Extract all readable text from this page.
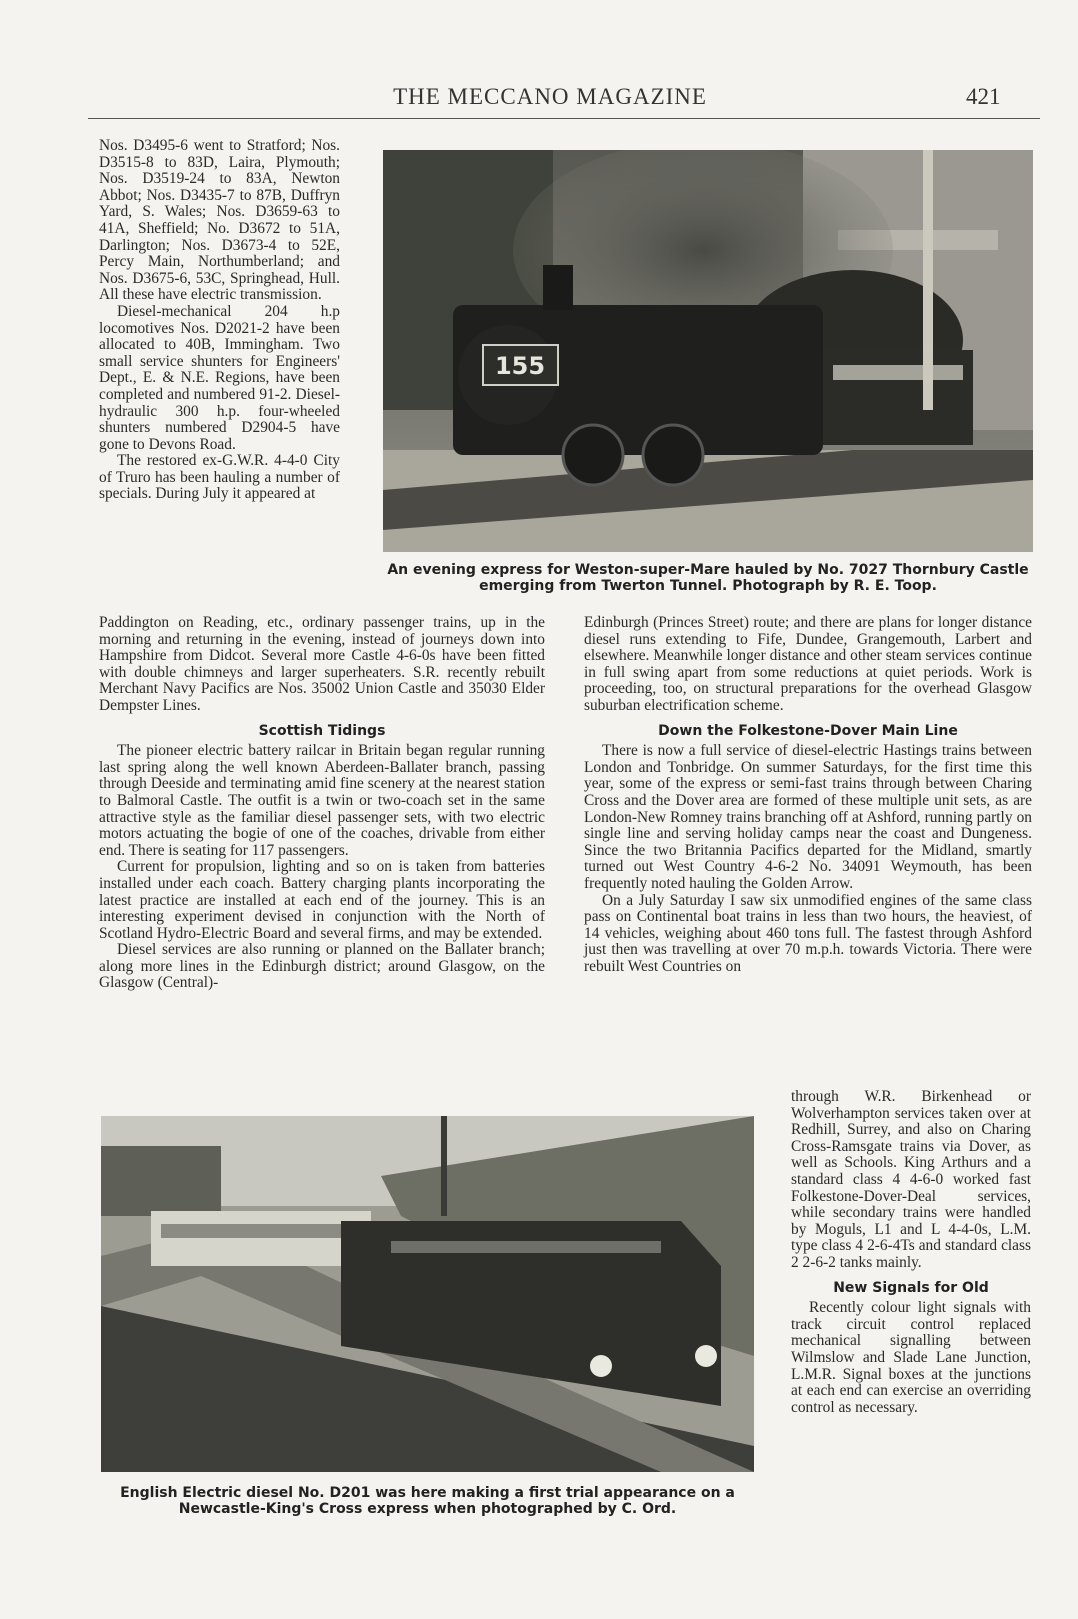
THE MECCANO MAGAZINE	421

Nos. D3495-6 went to Stratford; Nos. D3515-8 to 83D, Laira, Plymouth; Nos. D3519-24 to 83A, Newton Abbot; Nos. D3435-7 to 87B, Duffryn Yard, S. Wales; Nos. D3659-63 to 41A, Sheffield; No. D3672 to 51A, Darlington; Nos. D3673-4 to 52E, Percy Main, Northumberland; and Nos. D3675-6, 53C, Springhead, Hull. All these have electric transmission.

Diesel-mechanical 204 h.p locomotives Nos. D2021-2 have been allocated to 40B, Immingham. Two small service shunters for Engineers' Dept., E. & N.E. Regions, have been completed and numbered 91-2. Diesel-hydraulic 300 h.p. four-wheeled shunters numbered D2904-5 have gone to Devons Road.

The restored ex-G.W.R. 4-4-0 City of Truro has been hauling a number of specials. During July it appeared at

155
An evening express for Weston-super-Mare hauled by No. 7027 Thornbury Castle emerging from Twerton Tunnel. Photograph by R. E. Toop.

Paddington on Reading, etc., ordinary passenger trains, up in the morning and returning in the evening, instead of journeys down into Hampshire from Didcot. Several more Castle 4-6-0s have been fitted with double chimneys and larger superheaters. S.R. recently rebuilt Merchant Navy Pacifics are Nos. 35002 Union Castle and 35030 Elder Dempster Lines.

Scottish Tidings

The pioneer electric battery railcar in Britain began regular running last spring along the well known Aberdeen-Ballater branch, passing through Deeside and terminating amid fine scenery at the nearest station to Balmoral Castle. The outfit is a twin or two-coach set in the same attractive style as the familiar diesel passenger sets, with two electric motors actuating the bogie of one of the coaches, drivable from either end. There is seating for 117 passengers.

Current for propulsion, lighting and so on is taken from batteries installed under each coach. Battery charging plants incorporating the latest practice are installed at each end of the journey. This is an interesting experiment devised in conjunction with the North of Scotland Hydro-Electric Board and several firms, and may be extended.

Diesel services are also running or planned on the Ballater branch; along more lines in the Edinburgh district; around Glasgow, on the Glasgow (Central)-

Edinburgh (Princes Street) route; and there are plans for longer distance diesel runs extending to Fife, Dundee, Grangemouth, Larbert and elsewhere. Meanwhile longer distance and other steam services continue in full swing apart from some reductions at quiet periods. Work is proceeding, too, on structural preparations for the overhead Glasgow suburban electrification scheme.

Down the Folkestone-Dover Main Line

There is now a full service of diesel-electric Hastings trains between London and Tonbridge. On summer Saturdays, for the first time this year, some of the express or semi-fast trains through between Charing Cross and the Dover area are formed of these multiple unit sets, as are London-New Romney trains branching off at Ashford, running partly on single line and serving holiday camps near the coast and Dungeness. Since the two Britannia Pacifics departed for the Midland, smartly turned out West Country 4-6-2 No. 34091 Weymouth, has been frequently noted hauling the Golden Arrow.

On a July Saturday I saw six unmodified engines of the same class pass on Continental boat trains in less than two hours, the heaviest, of 14 vehicles, weighing about 460 tons full. The fastest through Ashford just then was travelling at over 70 m.p.h. towards Victoria. There were rebuilt West Countries on

English Electric diesel No. D201 was here making a first trial appearance on a Newcastle-King's Cross express when photographed by C. Ord.

through W.R. Birkenhead or Wolverhampton services taken over at Redhill, Surrey, and also on Charing Cross-Ramsgate trains via Dover, as well as Schools. King Arthurs and a standard class 4 4-6-0 worked fast Folkestone-Dover-Deal services, while secondary trains were handled by Moguls, L1 and L 4-4-0s, L.M. type class 4 2-6-4Ts and standard class 2 2-6-2 tanks mainly.

New Signals for Old

Recently colour light signals with track circuit control replaced mechanical signalling between Wilmslow and Slade Lane Junction, L.M.R. Signal boxes at the junctions at each end can exercise an overriding control as necessary.
